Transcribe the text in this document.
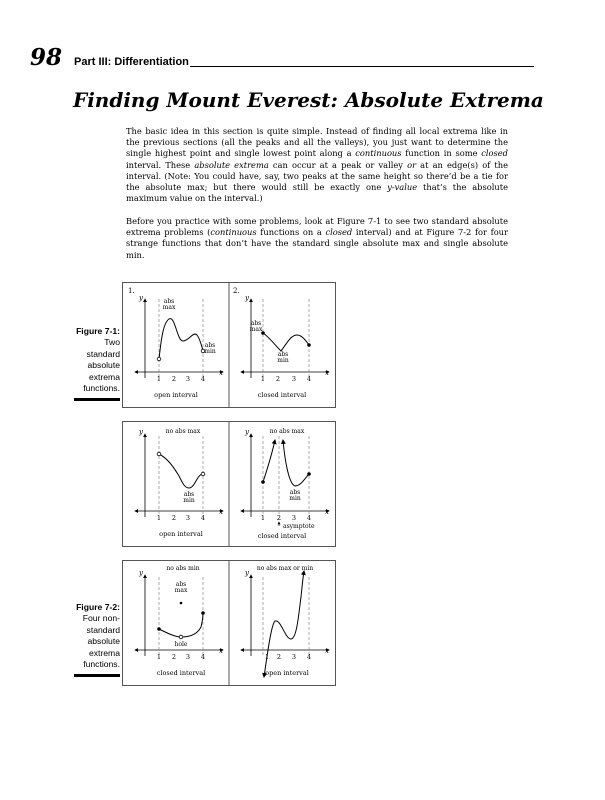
98 Part III: Differentiation
Finding Mount Everest: Absolute Extrema

The basic idea in this section is quite simple. Instead of finding all local extrema like in the previous sections (all the peaks and all the valleys), you just want to determine the single highest point and single lowest point along a continuous function in some closed interval. These absolute extrema can occur at a peak or valley or at an edge(s) of the interval. (Note: You could have, say, two peaks at the same height so there’d be a tie for the absolute max; but there would still be exactly one y-value that’s the absolute maximum value on the interval.)

Before you practice with some problems, look at Figure 7-1 to see two standard absolute extrema problems (continuous functions on a closed interval) and at Figure 7-2 for four strange functions that don’t have the standard single absolute max and single absolute min.

Figure 7-1:
Two standard absolute extrema functions.
1.
y
x
abs
max
abs
min
1 2 3 4
open interval
2.
y
x
abs
max
abs
min
1 2 3 4
closed interval
y
x
no abs max
abs
min
1 2 3 4
open interval
y
x
no abs max
abs
min
1 2 3 4
asymptote
closed interval
Figure 7-2:
Four non-standard absolute extrema functions.
y
x
no abs min
abs
max
hole
1 2 3 4
closed interval
y
x
no abs max or min
1 2 3 4
open interval
